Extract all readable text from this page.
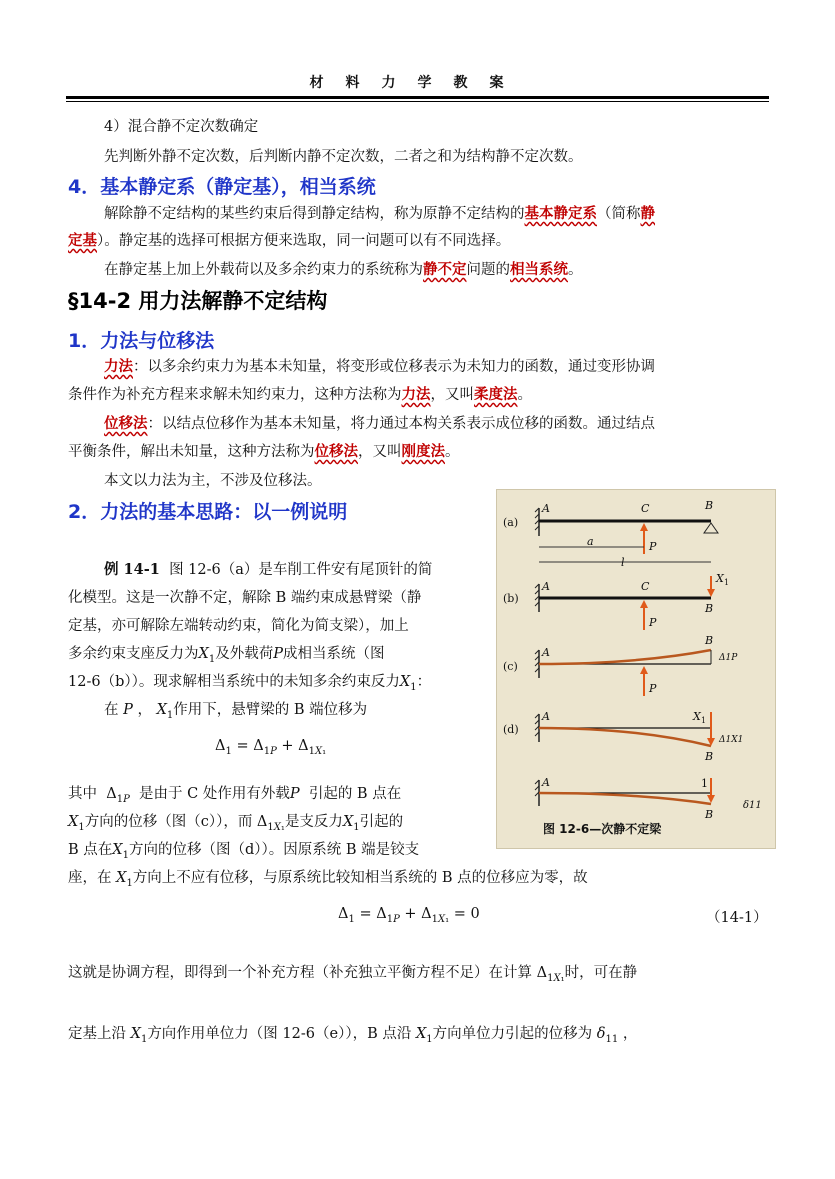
材料力学教案
4）混合静不定次数确定
先判断外静不定次数，后判断内静不定次数，二者之和为结构静不定次数。
4．基本静定系（静定基），相当系统
解除静不定结构的某些约束后得到静定结构，称为原静不定结构的基本静定系（简称静
定基）。静定基的选择可根据方便来选取，同一问题可以有不同选择。
在静定基上加上外载荷以及多余约束力的系统称为静不定问题的相当系统。
§14-2 用力法解静不定结构
1．力法与位移法
力法：以多余约束力为基本未知量，将变形或位移表示为未知力的函数，通过变形协调
条件作为补充方程来求解未知约束力，这种方法称为力法，又叫柔度法。
位移法：以结点位移作为基本未知量，将力通过本构关系表示成位移的函数。通过结点
平衡条件，解出未知量，这种方法称为位移法，又叫刚度法。
本文以力法为主，不涉及位移法。
2．力法的基本思路：以一例说明
例 14-1 图 12-6（a）是车削工件安有尾顶针的简
化模型。这是一次静不定，解除 B 端约束成悬臂梁（静
定基，亦可解除左端转动约束，简化为简支梁），加上
多余约束支座反力为$X_1$及外载荷P成相当系统（图
12-6（b））。现求解相当系统中的未知多余约束反力$X_1$：
在 P ， $X_1$作用下，悬臂梁的 B 端位移为
$\Delta_1 = \Delta_{1P} + \Delta_{1X_1}$
其中  $\Delta_{1P}$ 是由于 C 处作用有外载P 引起的 B 点在
$X_1$方向的位移（图（c）），而 $\Delta_{1X_1}$是支反力$X_1$引起的
B 点在$X_1$方向的位移（图（d））。因原系统 B 端是铰支
座，在 $X_1$方向上不应有位移，与原系统比较知相当系统的 B 点的位移应为零，故
$\Delta_1 = \Delta_{1P} + \Delta_{1X_1} = 0$	（14-1）
这就是协调方程，即得到一个补充方程（补充独立平衡方程不足）在计算 $\Delta_{1X_1}$时，可在静
定基上沿 $X_1$方向作用单位力（图 12-6（e）），B 点沿 $X_1$方向单位力引起的位移为 $\delta_{11}$ ，
(a)
A	C	B
P
a
l
(b)
A	C
B
X 1
P
(c)
A
B
Δ1P
P
(d)
A	X 1
B
Δ1X1
A	1
B
δ11
图 12-6—次静不定梁
